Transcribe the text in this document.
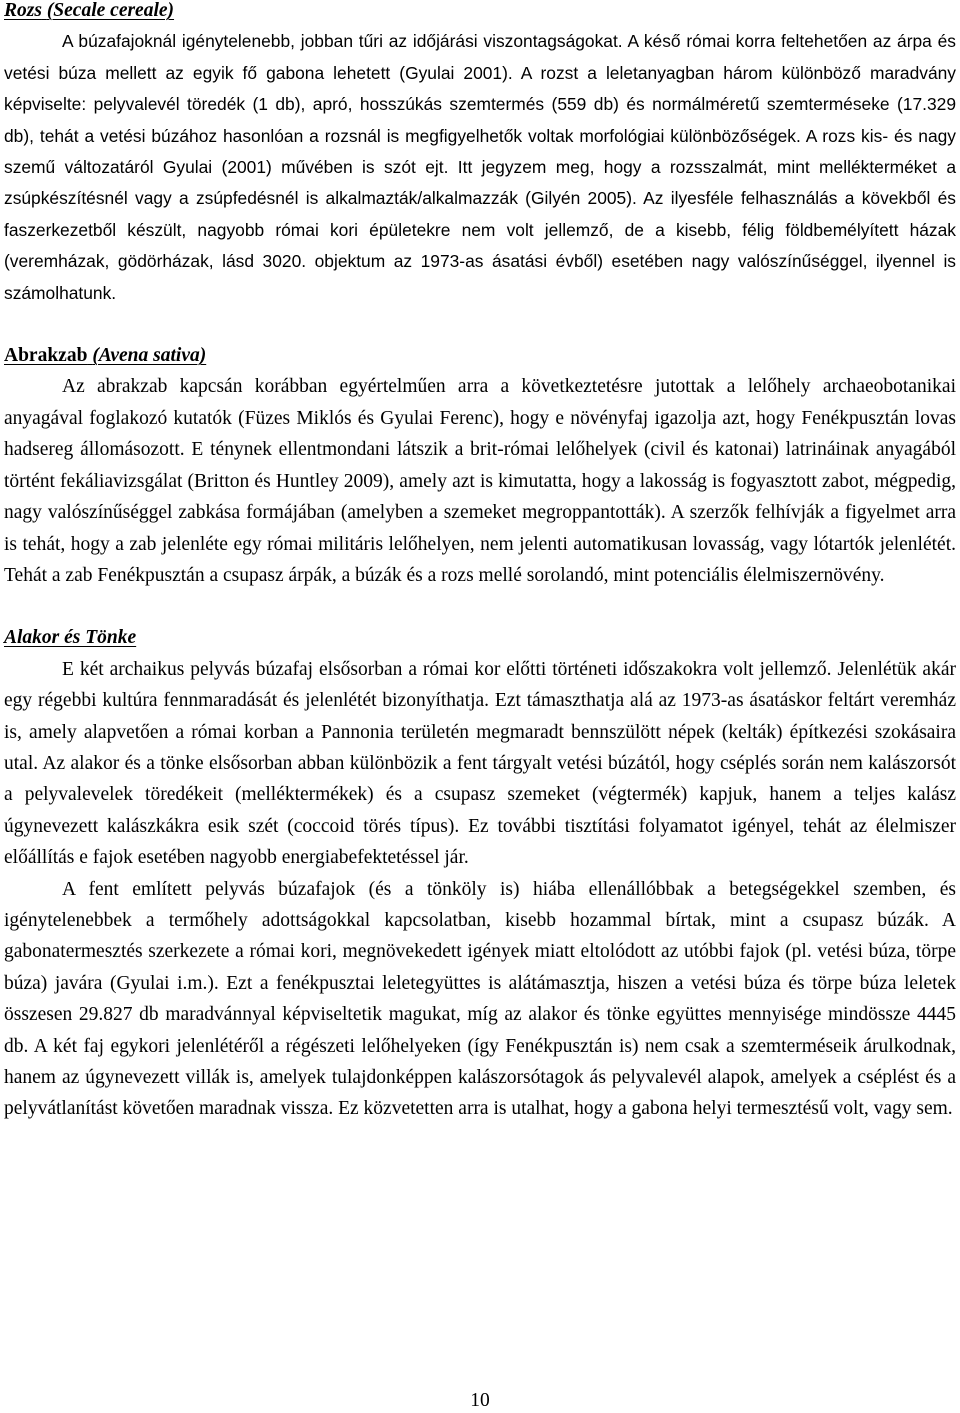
Rozs (Secale cereale)

A búzafajoknál igénytelenebb, jobban tűri az időjárási viszontagságokat. A késő római korra feltehetően az árpa és vetési búza mellett az egyik fő gabona lehetett (Gyulai 2001). A rozst a leletanyagban három különböző maradvány képviselte: pelyvalevél töredék (1 db), apró, hosszúkás szemtermés (559 db) és normálméretű szemterméseke (17.329 db), tehát a vetési búzához hasonlóan a rozsnál is megfigyelhetők voltak morfológiai különbözőségek. A rozs kis- és nagy szemű változatáról Gyulai (2001) művében is szót ejt. Itt jegyzem meg, hogy a rozsszalmát, mint mellékterméket a zsúpkészítésnél vagy a zsúpfedésnél is alkalmazták/alkalmazzák (Gilyén 2005). Az ilyesféle felhasználás a kövekből és faszerkezetből készült, nagyobb római kori épületekre nem volt jellemző, de a kisebb, félig földbemélyített házak (veremházak, gödörházak, lásd 3020. objektum az 1973-as ásatási évből) esetében nagy valószínűséggel, ilyennel is számolhatunk.

Abrakzab (Avena sativa)

Az abrakzab kapcsán korábban egyértelműen arra a következtetésre jutottak a lelőhely archaeobotanikai anyagával foglakozó kutatók (Füzes Miklós és Gyulai Ferenc), hogy e növényfaj igazolja azt, hogy Fenékpusztán lovas hadsereg állomásozott. E ténynek ellentmondani látszik a brit-római lelőhelyek (civil és katonai) latrináinak anyagából történt fekáliavizsgálat (Britton és Huntley 2009), amely azt is kimutatta, hogy a lakosság is fogyasztott zabot, mégpedig, nagy valószínűséggel zabkása formájában (amelyben a szemeket megroppantották). A szerzők felhívják a figyelmet arra is tehát, hogy a zab jelenléte egy római militáris lelőhelyen, nem jelenti automatikusan lovasság, vagy lótartók jelenlétét. Tehát a zab Fenékpusztán a csupasz árpák, a búzák és a rozs mellé sorolandó, mint potenciális élelmiszernövény.

Alakor és Tönke

E két archaikus pelyvás búzafaj elsősorban a római kor előtti történeti időszakokra volt jellemző. Jelenlétük akár egy régebbi kultúra fennmaradását és jelenlétét bizonyíthatja. Ezt támaszthatja alá az 1973-as ásatáskor feltárt veremház is, amely alapvetően a római korban a Pannonia területén megmaradt bennszülött népek (kelták) építkezési szokásaira utal. Az alakor és a tönke elsősorban abban különbözik a fent tárgyalt vetési búzától, hogy cséplés során nem kalászorsót a pelyvalevelek töredékeit (melléktermékek) és a csupasz szemeket (végtermék) kapjuk, hanem a teljes kalász úgynevezett kalászkákra esik szét (coccoid törés típus). Ez további tisztítási folyamatot igényel, tehát az élelmiszer előállítás e fajok esetében nagyobb energiabefektetéssel jár.

A fent említett pelyvás búzafajok (és a tönköly is) hiába ellenállóbbak a betegségekkel szemben, és igénytelenebbek a termőhely adottságokkal kapcsolatban, kisebb hozammal bírtak, mint a csupasz búzák. A gabonatermesztés szerkezete a római kori, megnövekedett igények miatt eltolódott az utóbbi fajok (pl. vetési búza, törpe búza) javára (Gyulai i.m.). Ezt a fenékpusztai leletegyüttes is alátámasztja, hiszen a vetési búza és törpe búza leletek összesen 29.827 db maradvánnyal képviseltetik magukat, míg az alakor és tönke együttes mennyisége mindössze 4445 db. A két faj egykori jelenlétéről a régészeti lelőhelyeken (így Fenékpusztán is) nem csak a szemterméseik árulkodnak, hanem az úgynevezett villák is, amelyek tulajdonképpen kalászorsótagok ás pelyvalevél alapok, amelyek a cséplést és a pelyvátlanítást követően maradnak vissza. Ez közvetetten arra is utalhat, hogy a gabona helyi termesztésű volt, vagy sem.

10
